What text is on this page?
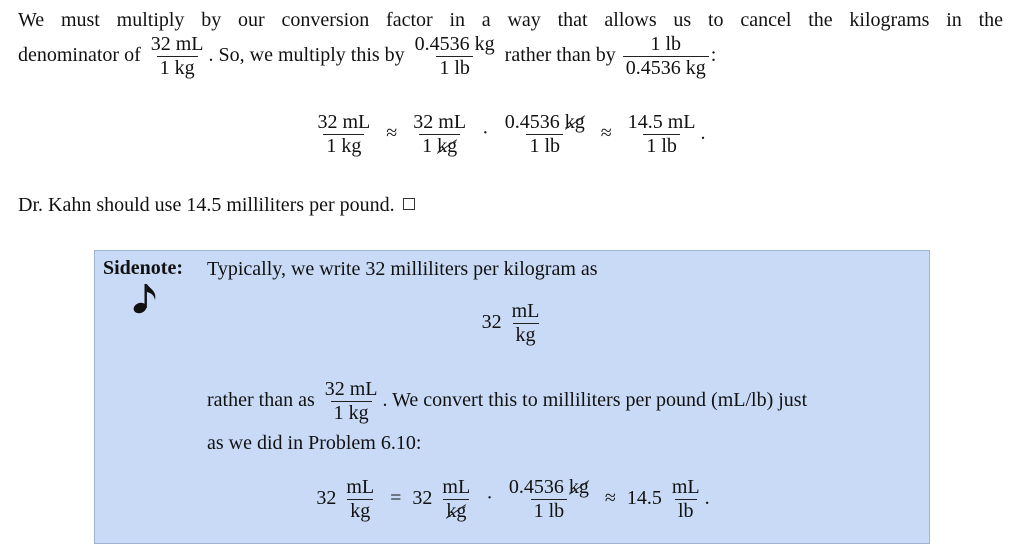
We must multiply by our conversion factor in a way that allows us to cancel the kilograms in the
denominator of $\frac{32 mL}{1 kg}$ . So, we multiply this by $\frac{0.4536 kg}{1 lb}$ rather than by $\frac{1 lb}{0.4536 kg}$ :
$\frac{32 mL}{1 kg} \approx \frac{32 mL}{1 kg} \cdot \frac{0.4536 kg}{1 lb} \approx \frac{14.5 mL}{1 lb}$ .
Dr. Kahn should use 14.5 milliliters per pound.
Sidenote: Typically, we write 32 milliliters per kilogram as
$32 \frac{mL}{kg}$
rather than as $\frac{32 mL}{1 kg}$ . We convert this to milliliters per pound (mL/lb) just
as we did in Problem 6.10:
$32 \frac{mL}{kg} = 32 \frac{mL}{kg} \cdot \frac{0.4536 kg}{1 lb} \approx 14.5 \frac{mL}{lb}$ .
